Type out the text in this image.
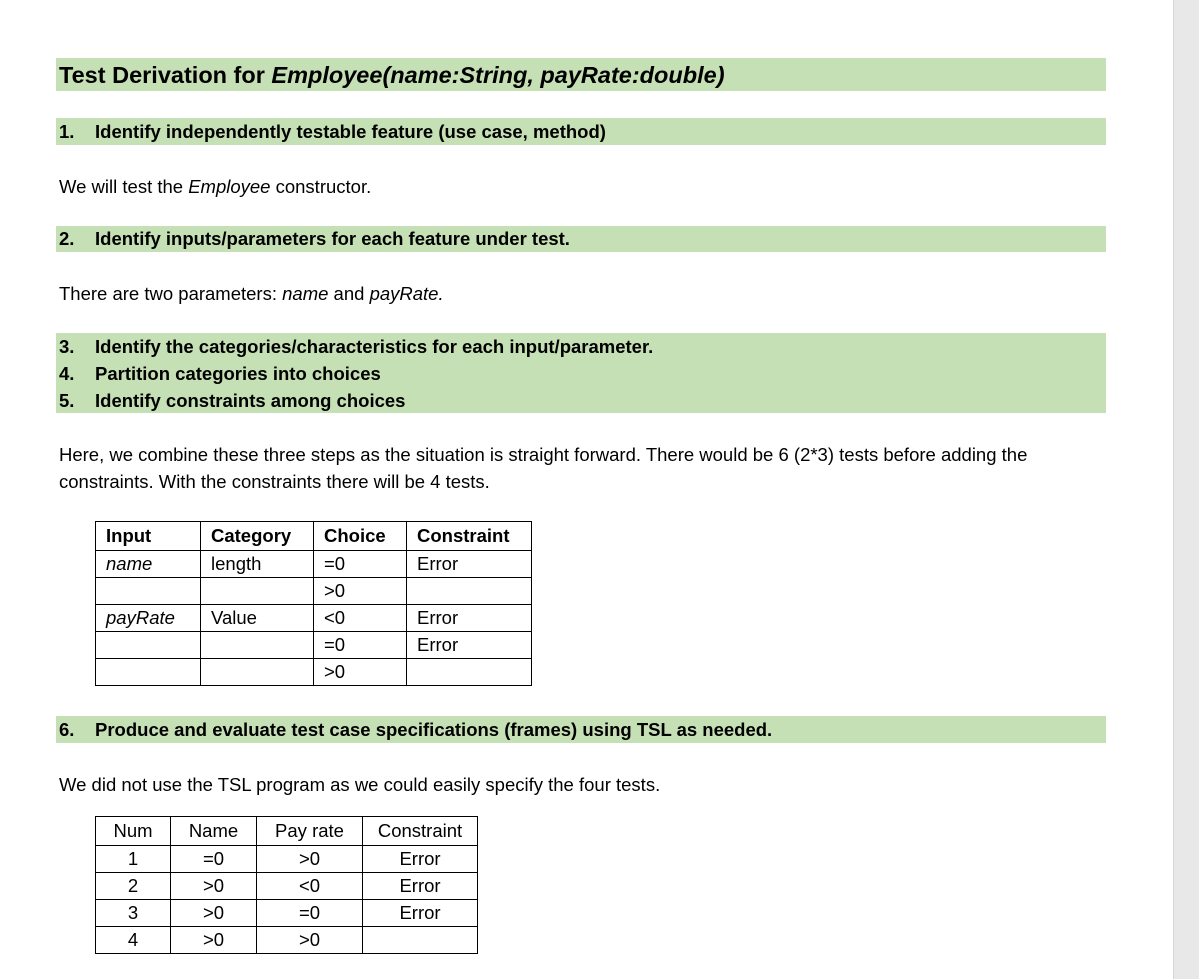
Test Derivation for Employee(name:String, payRate:double)
1. Identify independently testable feature (use case, method)
We will test the Employee constructor.
2. Identify inputs/parameters for each feature under test.
There are two parameters: name and payRate.
3. Identify the categories/characteristics for each input/parameter.
4. Partition categories into choices
5. Identify constraints among choices
Here, we combine these three steps as the situation is straight forward. There would be 6 (2*3) tests before adding the constraints. With the constraints there will be 4 tests.
Input	Category	Choice	Constraint
name	length	=0	Error
		>0	
payRate	Value	<0	Error
		=0	Error
		>0	
6. Produce and evaluate test case specifications (frames) using TSL as needed.
We did not use the TSL program as we could easily specify the four tests.
Num	Name	Pay rate	Constraint
1	=0	>0	Error
2	>0	<0	Error
3	>0	=0	Error
4	>0	>0	
